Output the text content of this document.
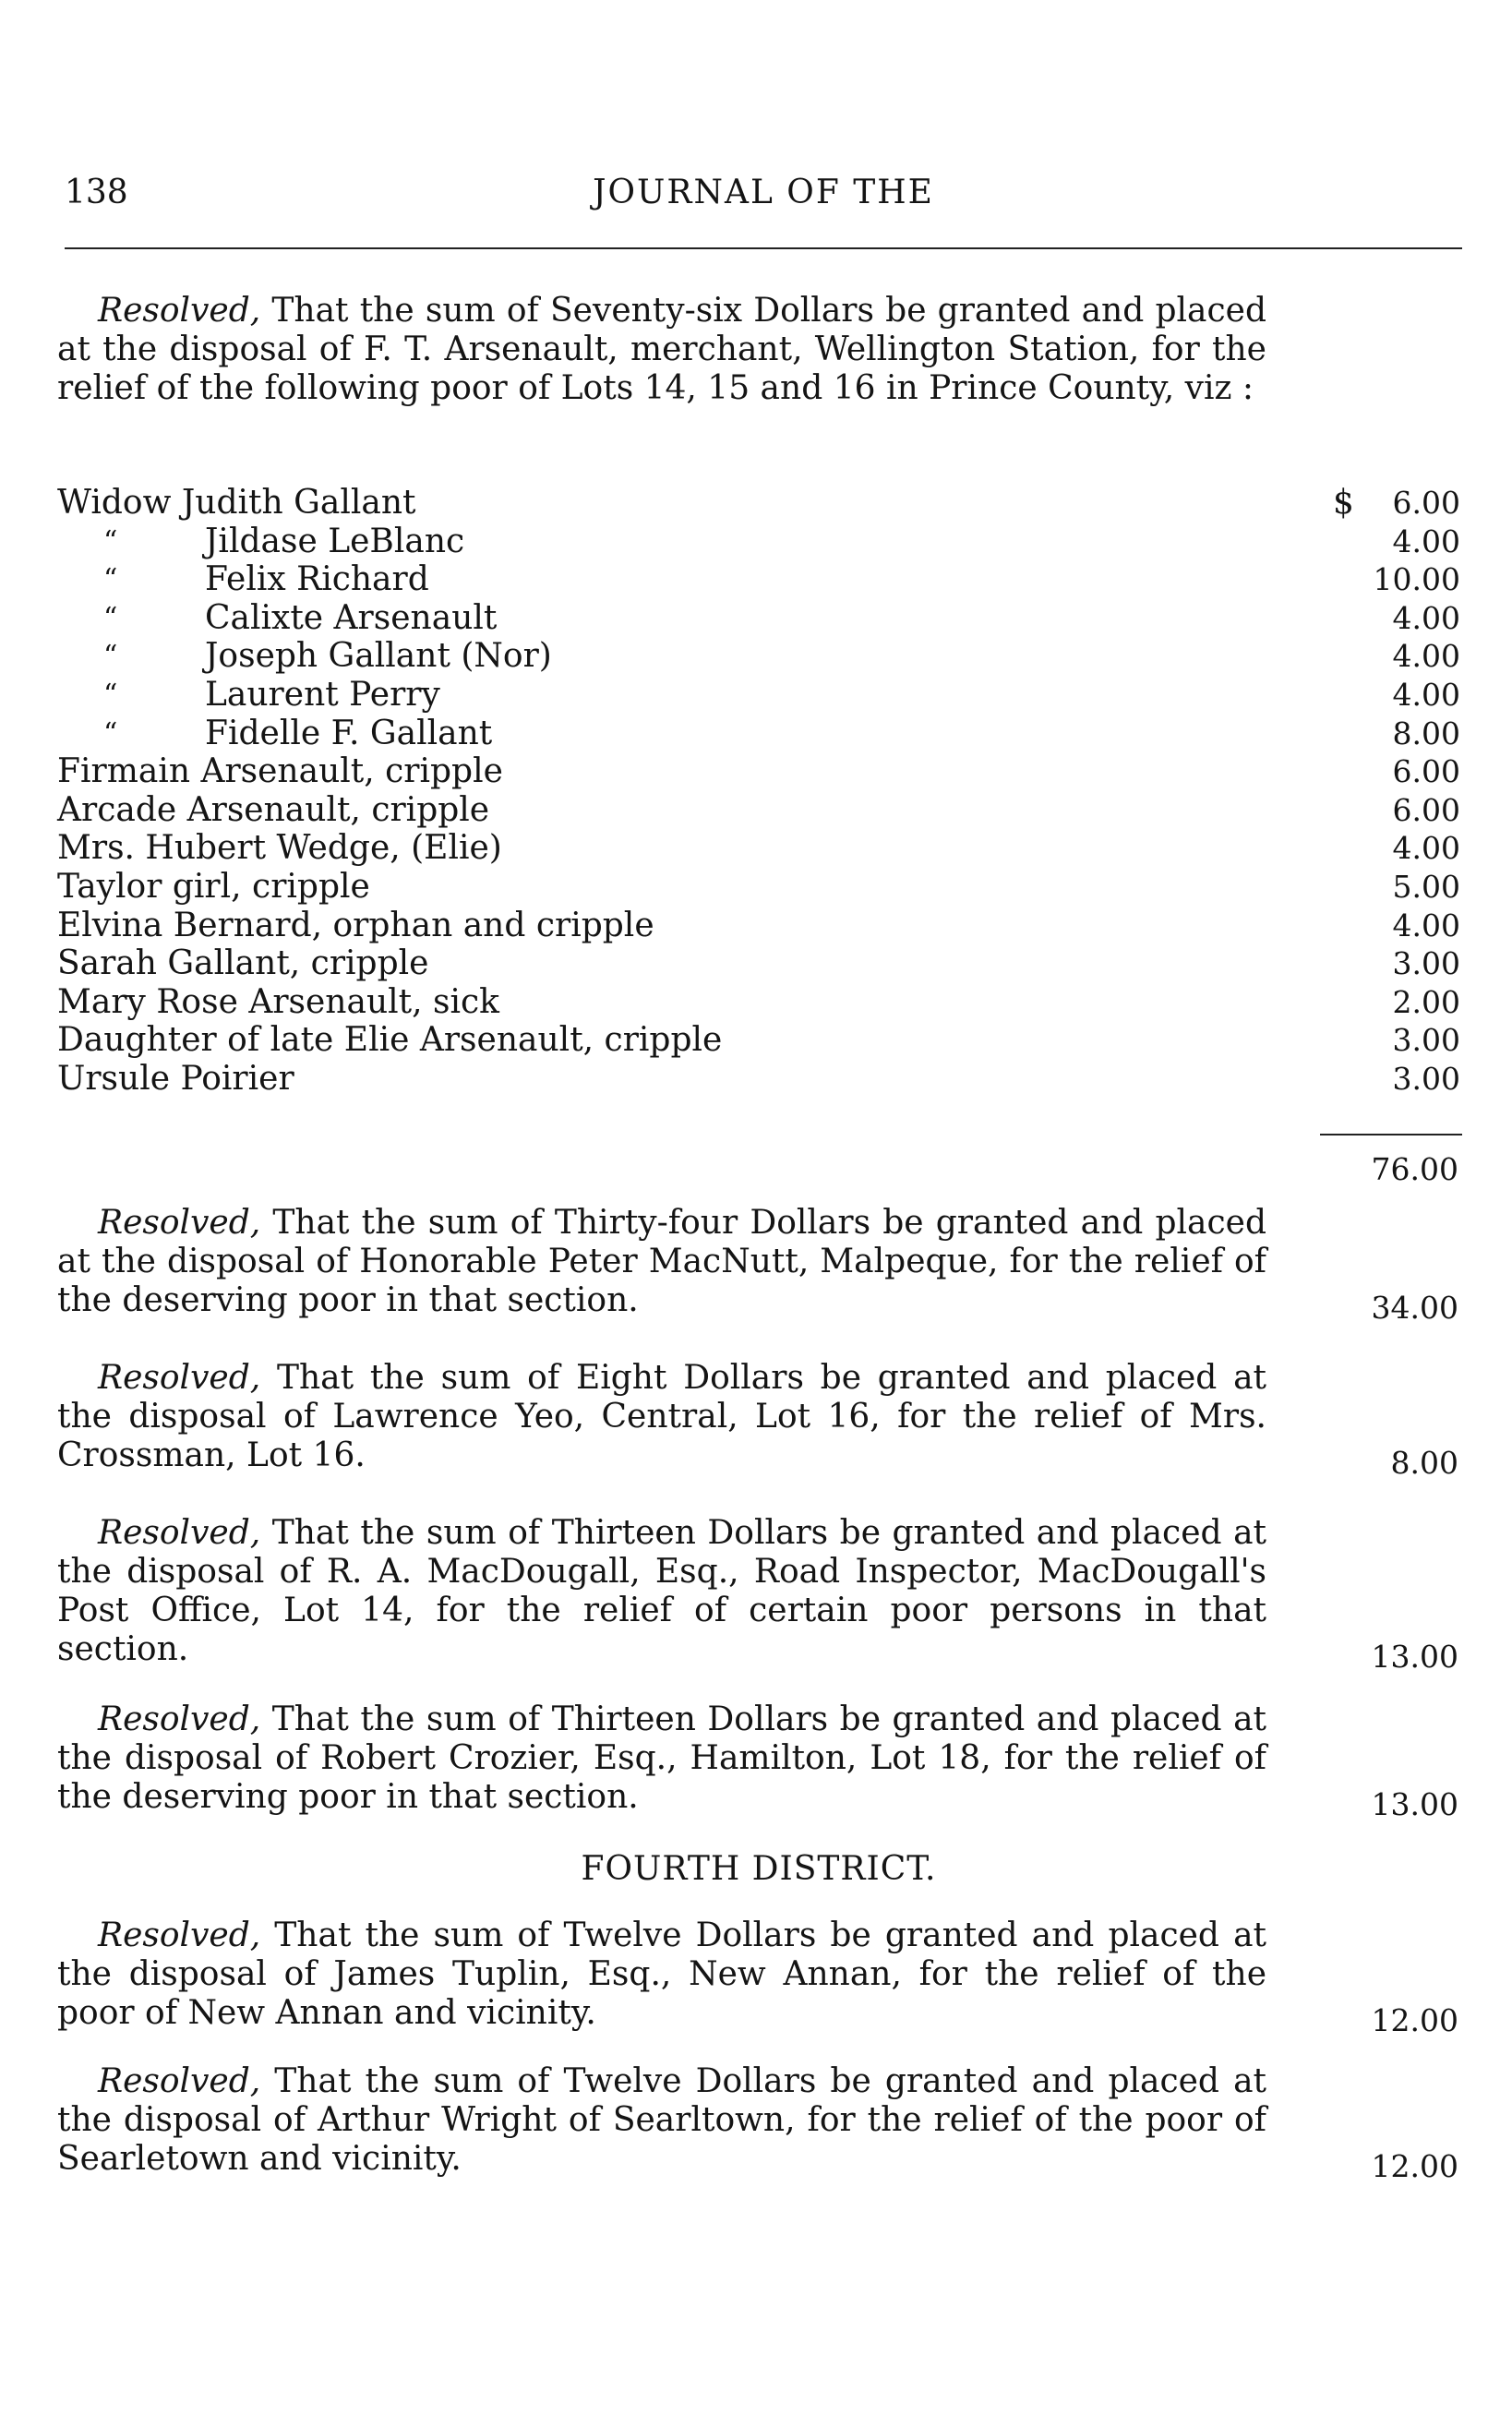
138	JOURNAL OF THE

Resolved, That the sum of Seventy-six Dollars be granted and placed at the disposal of F. T. Arsenault, merchant, Wellington Station, for the relief of the following poor of Lots 14, 15 and 16 in Prince County, viz :

Widow Judith Gallant	$	6.00
“	Jildase LeBlanc	4.00
“	Felix Richard	10.00
“	Calixte Arsenault	4.00
“	Joseph Gallant (Nor)	4.00
“	Laurent Perry	4.00
“	Fidelle F. Gallant	8.00
Firmain Arsenault, cripple	6.00
Arcade Arsenault, cripple	6.00
Mrs. Hubert Wedge, (Elie)	4.00
Taylor girl, cripple	5.00
Elvina Bernard, orphan and cripple	4.00
Sarah Gallant, cripple	3.00
Mary Rose Arsenault, sick	2.00
Daughter of late Elie Arsenault, cripple	3.00
Ursule Poirier	3.00
76.00

Resolved, That the sum of Thirty-four Dollars be granted and placed at the disposal of Honorable Peter MacNutt, Malpeque, for the relief of the deserving poor in that section.	34.00

Resolved, That the sum of Eight Dollars be granted and placed at the disposal of Lawrence Yeo, Central, Lot 16, for the relief of Mrs. Crossman, Lot 16.	8.00

Resolved, That the sum of Thirteen Dollars be granted and placed at the disposal of R. A. MacDougall, Esq., Road Inspector, MacDougall's Post Office, Lot 14, for the relief of certain poor persons in that section.	13.00

Resolved, That the sum of Thirteen Dollars be granted and placed at the disposal of Robert Crozier, Esq., Hamilton, Lot 18, for the relief of the deserving poor in that section.	13.00
FOURTH DISTRICT.

Resolved, That the sum of Twelve Dollars be granted and placed at the disposal of James Tuplin, Esq., New Annan, for the relief of the poor of New Annan and vicinity.	12.00

Resolved, That the sum of Twelve Dollars be granted and placed at the disposal of Arthur Wright of Searltown, for the relief of the poor of Searletown and vicinity.	12.00
